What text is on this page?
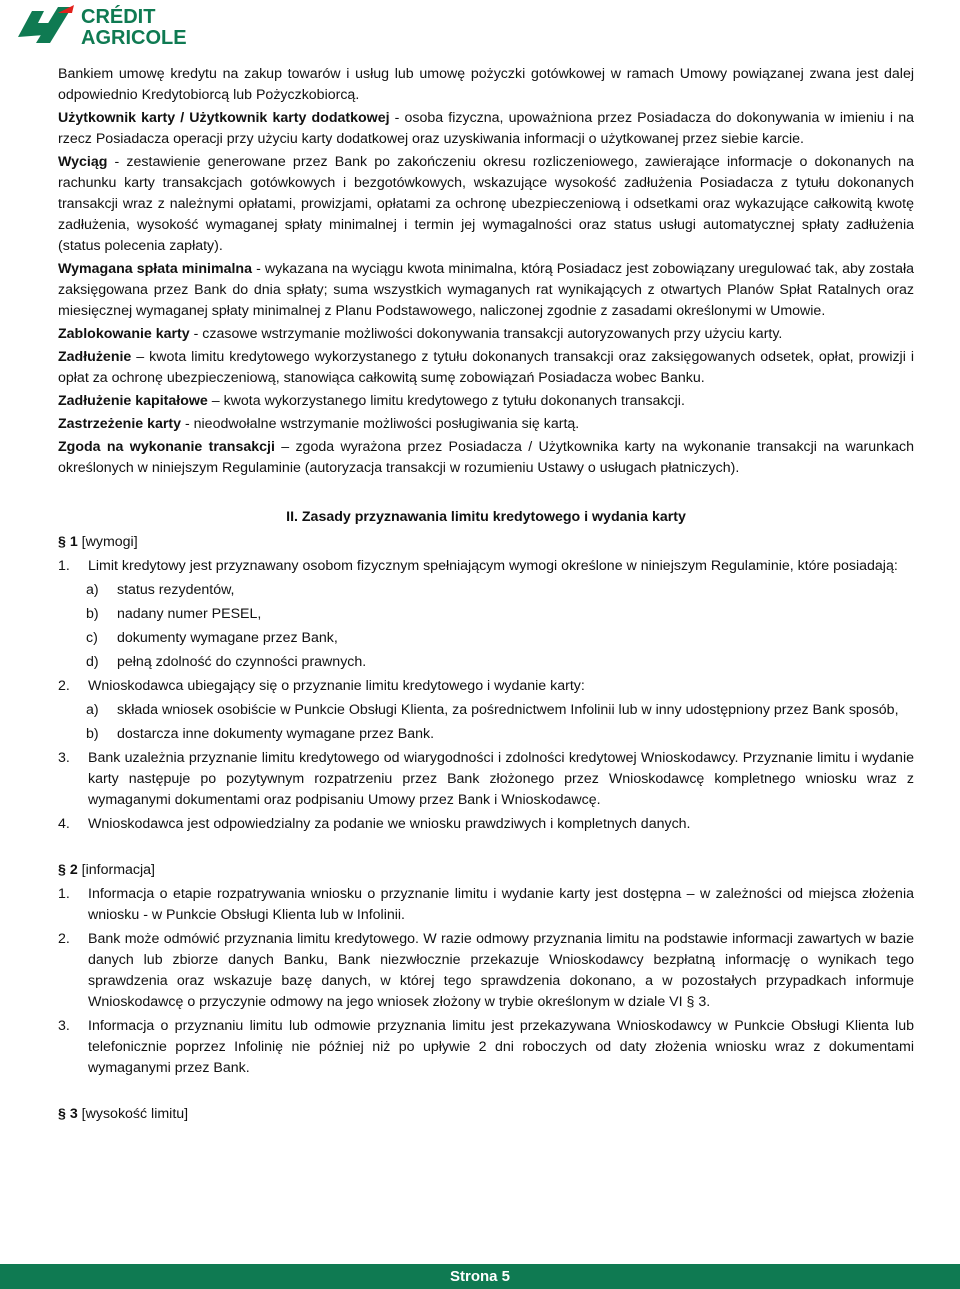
CRÉDIT
AGRICOLE

Bankiem umowę kredytu na zakup towarów i usług lub umowę pożyczki gotówkowej w ramach Umowy powiązanej zwana jest dalej odpowiednio Kredytobiorcą lub Pożyczkobiorcą.

Użytkownik karty / Użytkownik karty dodatkowej - osoba fizyczna, upoważniona przez Posiadacza do dokonywania w imieniu i na rzecz Posiadacza operacji przy użyciu karty dodatkowej oraz uzyskiwania informacji o użytkowanej przez siebie karcie.

Wyciąg - zestawienie generowane przez Bank po zakończeniu okresu rozliczeniowego, zawierające informacje o dokonanych na rachunku karty transakcjach gotówkowych i bezgotówkowych, wskazujące wysokość zadłużenia Posiadacza z tytułu dokonanych transakcji wraz z należnymi opłatami, prowizjami, opłatami za ochronę ubezpieczeniową i odsetkami oraz wykazujące całkowitą kwotę zadłużenia, wysokość wymaganej spłaty minimalnej i termin jej wymagalności oraz status usługi automatycznej spłaty zadłużenia (status polecenia zapłaty).

Wymagana spłata minimalna - wykazana na wyciągu kwota minimalna, którą Posiadacz jest zobowiązany uregulować tak, aby została zaksięgowana przez Bank do dnia spłaty; suma wszystkich wymaganych rat wynikających z otwartych Planów Spłat Ratalnych oraz miesięcznej wymaganej spłaty minimalnej z Planu Podstawowego, naliczonej zgodnie z zasadami określonymi w Umowie.

Zablokowanie karty - czasowe wstrzymanie możliwości dokonywania transakcji autoryzowanych przy użyciu karty.

Zadłużenie – kwota limitu kredytowego wykorzystanego z tytułu dokonanych transakcji oraz zaksięgowanych odsetek, opłat, prowizji i opłat za ochronę ubezpieczeniową, stanowiąca całkowitą sumę zobowiązań Posiadacza wobec Banku.

Zadłużenie kapitałowe – kwota wykorzystanego limitu kredytowego z tytułu dokonanych transakcji.

Zastrzeżenie karty - nieodwołalne wstrzymanie możliwości posługiwania się kartą.

Zgoda na wykonanie transakcji – zgoda wyrażona przez Posiadacza / Użytkownika karty na wykonanie transakcji na warunkach określonych w niniejszym Regulaminie (autoryzacja transakcji w rozumieniu Ustawy o usługach płatniczych).

II. Zasady przyznawania limitu kredytowego i wydania karty
§ 1 [wymogi]
1. Limit kredytowy jest przyznawany osobom fizycznym spełniającym wymogi określone w niniejszym Regulaminie, które posiadają:
a) status rezydentów,
b) nadany numer PESEL,
c) dokumenty wymagane przez Bank,
d) pełną zdolność do czynności prawnych.
2. Wnioskodawca ubiegający się o przyznanie limitu kredytowego i wydanie karty:
a) składa wniosek osobiście w Punkcie Obsługi Klienta, za pośrednictwem Infolinii lub w inny udostępniony przez Bank sposób,
b) dostarcza inne dokumenty wymagane przez Bank.
3. Bank uzależnia przyznanie limitu kredytowego od wiarygodności i zdolności kredytowej Wnioskodawcy. Przyznanie limitu i wydanie karty następuje po pozytywnym rozpatrzeniu przez Bank złożonego przez Wnioskodawcę kompletnego wniosku wraz z wymaganymi dokumentami oraz podpisaniu Umowy przez Bank i Wnioskodawcę.
4. Wnioskodawca jest odpowiedzialny za podanie we wniosku prawdziwych i kompletnych danych.
§ 2 [informacja]
1. Informacja o etapie rozpatrywania wniosku o przyznanie limitu i wydanie karty jest dostępna – w zależności od miejsca złożenia wniosku - w Punkcie Obsługi Klienta lub w Infolinii.
2. Bank może odmówić przyznania limitu kredytowego. W razie odmowy przyznania limitu na podstawie informacji zawartych w bazie danych lub zbiorze danych Banku, Bank niezwłocznie przekazuje Wnioskodawcy bezpłatną informację o wynikach tego sprawdzenia oraz wskazuje bazę danych, w której tego sprawdzenia dokonano, a w pozostałych przypadkach informuje Wnioskodawcę o przyczynie odmowy na jego wniosek złożony w trybie określonym w dziale VI § 3.
3. Informacja o przyznaniu limitu lub odmowie przyznania limitu jest przekazywana Wnioskodawcy w Punkcie Obsługi Klienta lub telefonicznie poprzez Infolinię nie później niż po upływie 2 dni roboczych od daty złożenia wniosku wraz z dokumentami wymaganymi przez Bank.
§ 3 [wysokość limitu]
Strona 5
